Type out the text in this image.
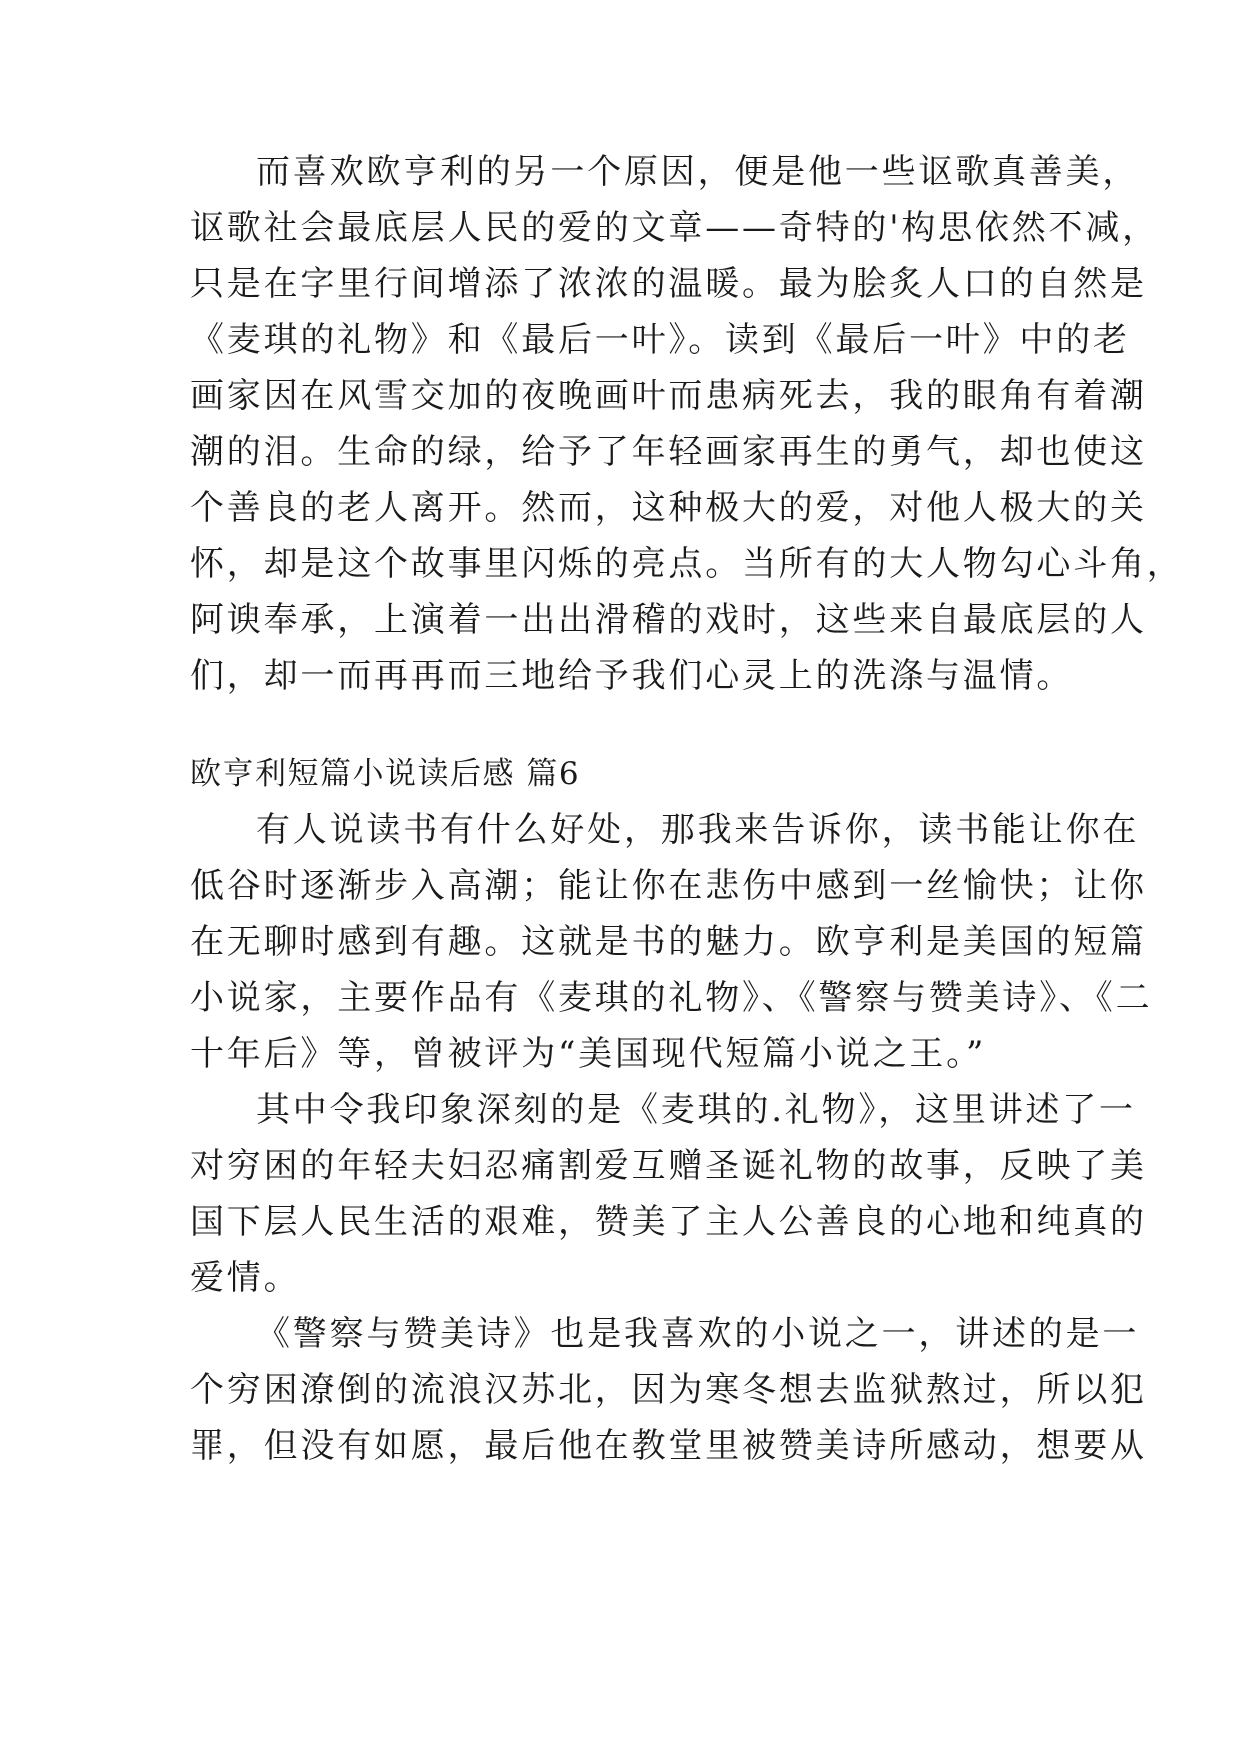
而喜欢欧亨利的另一个原因，便是他一些讴歌真善美，
讴歌社会最底层人民的爱的文章——奇特的'构思依然不减，
只是在字里行间增添了浓浓的温暖。最为脍炙人口的自然是
《麦琪的礼物》和《最后一叶》。读到《最后一叶》中的老
画家因在风雪交加的夜晚画叶而患病死去，我的眼角有着潮
潮的泪。生命的绿，给予了年轻画家再生的勇气，却也使这
个善良的老人离开。然而，这种极大的爱，对他人极大的关
怀，却是这个故事里闪烁的亮点。当所有的大人物勾心斗角，
阿谀奉承，上演着一出出滑稽的戏时，这些来自最底层的人
们，却一而再再而三地给予我们心灵上的洗涤与温情。
欧亨利短篇小说读后感 篇6
有人说读书有什么好处，那我来告诉你，读书能让你在
低谷时逐渐步入高潮；能让你在悲伤中感到一丝愉快；让你
在无聊时感到有趣。这就是书的魅力。欧亨利是美国的短篇
小说家，主要作品有《麦琪的礼物》、《警察与赞美诗》、《二
十年后》等，曾被评为“美国现代短篇小说之王。”
其中令我印象深刻的是《麦琪的.礼物》，这里讲述了一
对穷困的年轻夫妇忍痛割爱互赠圣诞礼物的故事，反映了美
国下层人民生活的艰难，赞美了主人公善良的心地和纯真的
爱情。
《警察与赞美诗》也是我喜欢的小说之一，讲述的是一
个穷困潦倒的流浪汉苏北，因为寒冬想去监狱熬过，所以犯
罪，但没有如愿，最后他在教堂里被赞美诗所感动，想要从
